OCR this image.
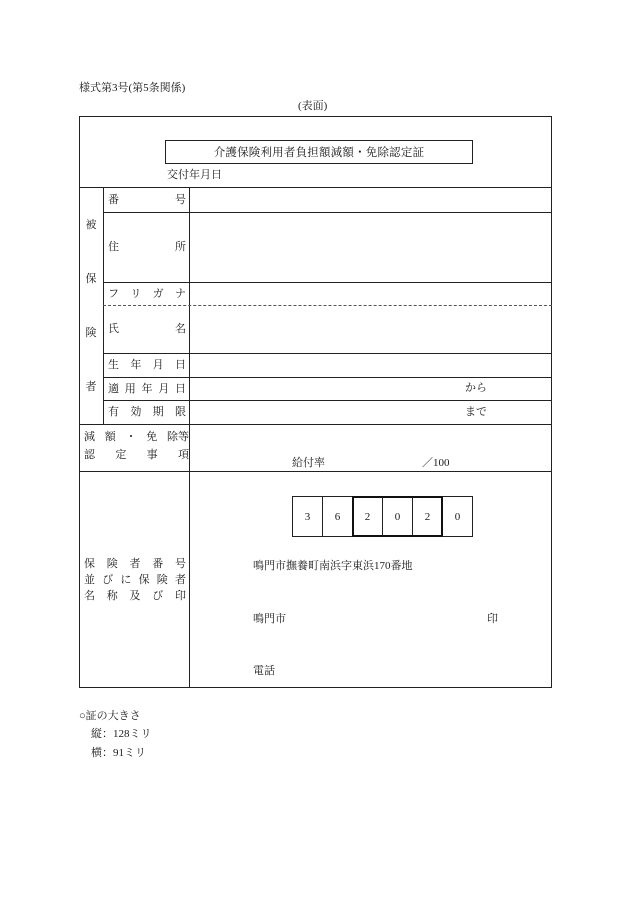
様式第3号(第5条関係)
(表面)
介護保険利用者負担額減額・免除認定証
交付年月日
被
保
険
者
番	号
住	所
フ リ ガ ナ
氏	名
生 年 月 日
適 用 年 月 日	から
有 効 期 限	まで
減 額 ・ 免 除等
認 定 事 項
給付率	／100
保 険 者 番 号
並 び に 保 険 者
名 称 及 び 印
3	6	2	0	2	0
鳴門市撫養町南浜字東浜170番地
鳴門市	印
電話
○証の大きさ
縦：128ミリ
横：91ミリ
